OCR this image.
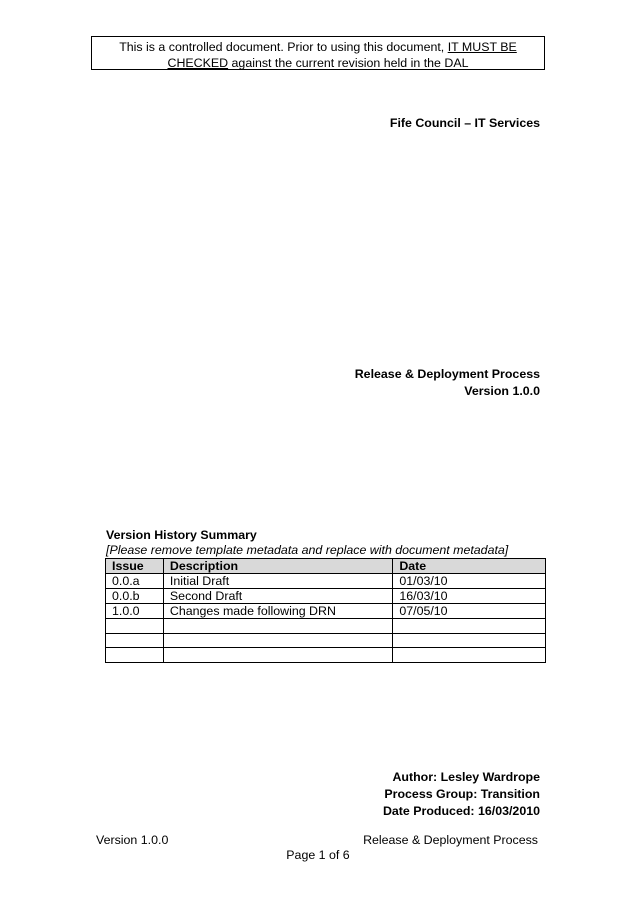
This is a controlled document. Prior to using this document, IT MUST BE
CHECKED against the current revision held in the DAL
Fife Council – IT Services
Release & Deployment Process
Version 1.0.0
Version History Summary
[Please remove template metadata and replace with document metadata]
Issue	Description	Date
0.0.a	Initial Draft	01/03/10
0.0.b	Second Draft	16/03/10
1.0.0	Changes made following DRN	07/05/10

Author: Lesley Wardrope
Process Group: Transition
Date Produced: 16/03/2010
Version 1.0.0	Release & Deployment Process
Page 1 of 6
